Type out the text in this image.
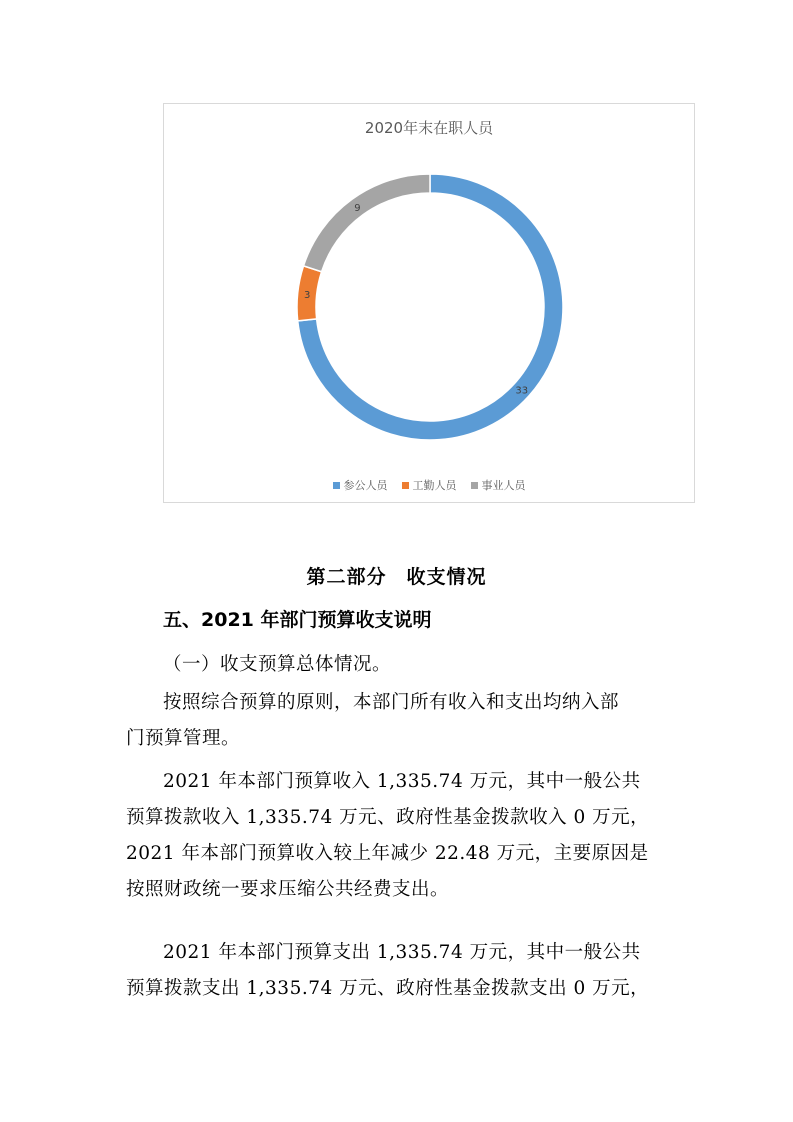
2020年末在职人员
33
3
9
参公人员 工勤人员 事业人员
第二部分　收支情况
五、2021 年部门预算收支说明

（一）收支预算总体情况。

按照综合预算的原则，本部门所有收入和支出均纳入部
门预算管理。

2021 年本部门预算收入 1,335.74 万元，其中一般公共
预算拨款收入 1,335.74 万元、政府性基金拨款收入 0 万元，
2021 年本部门预算收入较上年减少 22.48 万元，主要原因是
按照财政统一要求压缩公共经费支出。

2021 年本部门预算支出 1,335.74 万元，其中一般公共
预算拨款支出 1,335.74 万元、政府性基金拨款支出 0 万元，
